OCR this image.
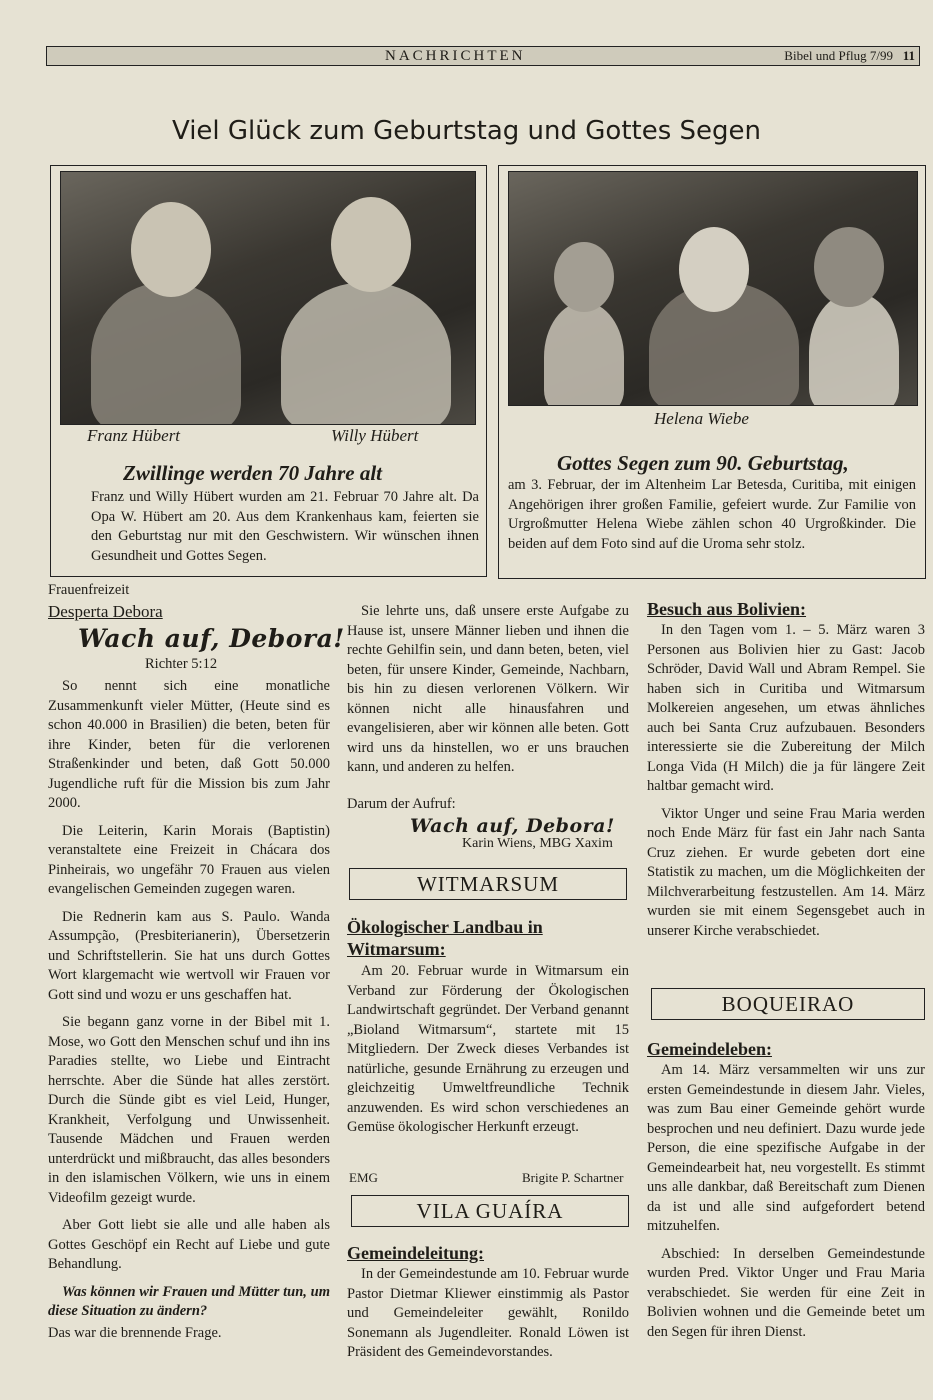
NACHRICHTEN	Bibel und Pflug 7/99 11
Viel Glück zum Geburtstag und Gottes Segen
Franz Hübert	Willy Hübert
Zwillinge werden 70 Jahre alt
Franz und Willy Hübert wurden am 21. Februar 70 Jahre alt. Da Opa W. Hübert am 20. Aus dem Krankenhaus kam, feierten sie den Geburtstag nur mit den Geschwistern. Wir wünschen ihnen Gesundheit und Gottes Segen.
Helena Wiebe
Gottes Segen zum 90. Geburtstag,
am 3. Februar, der im Altenheim Lar Betesda, Curitiba, mit einigen Angehörigen ihrer großen Familie, gefeiert wurde. Zur Familie von Urgroßmutter Helena Wiebe zählen schon 40 Urgroßkinder. Die beiden auf dem Foto sind auf die Uroma sehr stolz.
Frauenfreizeit
Desperta Debora
Wach auf, Debora!
Richter 5:12

So nennt sich eine monatliche Zusammenkunft vieler Mütter, (Heute sind es schon 40.000 in Brasilien) die beten, beten für ihre Kinder, beten für die verlorenen Straßenkinder und beten, daß Gott 50.000 Jugendliche ruft für die Mission bis zum Jahr 2000.

Die Leiterin, Karin Morais (Baptistin) veranstaltete eine Freizeit in Chácara dos Pinheirais, wo ungefähr 70 Frauen aus vielen evangelischen Gemeinden zugegen waren.

Die Rednerin kam aus S. Paulo. Wanda Assumpção, (Presbiterianerin), Übersetzerin und Schriftstellerin. Sie hat uns durch Gottes Wort klargemacht wie wertvoll wir Frauen vor Gott sind und wozu er uns geschaffen hat.

Sie begann ganz vorne in der Bibel mit 1. Mose, wo Gott den Menschen schuf und ihn ins Paradies stellte, wo Liebe und Eintracht herrschte. Aber die Sünde hat alles zerstört. Durch die Sünde gibt es viel Leid, Hunger, Krankheit, Verfolgung und Unwissenheit. Tausende Mädchen und Frauen werden unterdrückt und mißbraucht, das alles besonders in den islamischen Völkern, wie uns in einem Videofilm gezeigt wurde.

Aber Gott liebt sie alle und alle haben als Gottes Geschöpf ein Recht auf Liebe und gute Behandlung.

Was können wir Frauen und Mütter tun, um diese Situation zu ändern?

Das war die brennende Frage.

Sie lehrte uns, daß unsere erste Aufgabe zu Hause ist, unsere Männer lieben und ihnen die rechte Gehilfin sein, und dann beten, beten, viel beten, für unsere Kinder, Gemeinde, Nachbarn, bis hin zu diesen verlorenen Völkern. Wir können nicht alle hinausfahren und evangelisieren, aber wir können alle beten. Gott wird uns da hinstellen, wo er uns brauchen kann, und anderen zu helfen.

Darum der Aufruf:
Wach auf, Debora!
Karin Wiens, MBG Xaxim
WITMARSUM
Ökologischer Landbau in Witmarsum:

Am 20. Februar wurde in Witmarsum ein Verband zur Förderung der Ökologischen Landwirtschaft gegründet. Der Verband genannt „Bioland Witmarsum“, startete mit 15 Mitgliedern. Der Zweck dieses Verbandes ist natürliche, gesunde Ernährung zu erzeugen und gleichzeitig Umweltfreundliche Technik anzuwenden. Es wird schon verschiedenes an Gemüse ökologischer Herkunft erzeugt.

EMG	Brigite P. Schartner
VILA GUAÍRA
Gemeindeleitung:

In der Gemeindestunde am 10. Februar wurde Pastor Dietmar Kliewer einstimmig als Pastor und Gemeindeleiter gewählt, Ronildo Sonemann als Jugendleiter. Ronald Löwen ist Präsident des Gemeindevorstandes.

Besuch aus Bolivien:

In den Tagen vom 1. – 5. März waren 3 Personen aus Bolivien hier zu Gast: Jacob Schröder, David Wall und Abram Rempel. Sie haben sich in Curitiba und Witmarsum Molkereien angesehen, um etwas ähnliches auch bei Santa Cruz aufzubauen. Besonders interessierte sie die Zubereitung der Milch Longa Vida (H Milch) die ja für längere Zeit haltbar gemacht wird.

Viktor Unger und seine Frau Maria werden noch Ende März für fast ein Jahr nach Santa Cruz ziehen. Er wurde gebeten dort eine Statistik zu machen, um die Möglichkeiten der Milchverarbeitung festzustellen. Am 14. März wurden sie mit einem Segensgebet auch in unserer Kirche verabschiedet.

BOQUEIRAO
Gemeindeleben:

Am 14. März versammelten wir uns zur ersten Gemeindestunde in diesem Jahr. Vieles, was zum Bau einer Gemeinde gehört wurde besprochen und neu definiert. Dazu wurde jede Person, die eine spezifische Aufgabe in der Gemeindearbeit hat, neu vorgestellt. Es stimmt uns alle dankbar, daß Bereitschaft zum Dienen da ist und alle sind aufgefordert betend mitzuhelfen.

Abschied: In derselben Gemeindestunde wurden Pred. Viktor Unger und Frau Maria verabschiedet. Sie werden für eine Zeit in Bolivien wohnen und die Gemeinde betet um den Segen für ihren Dienst.
